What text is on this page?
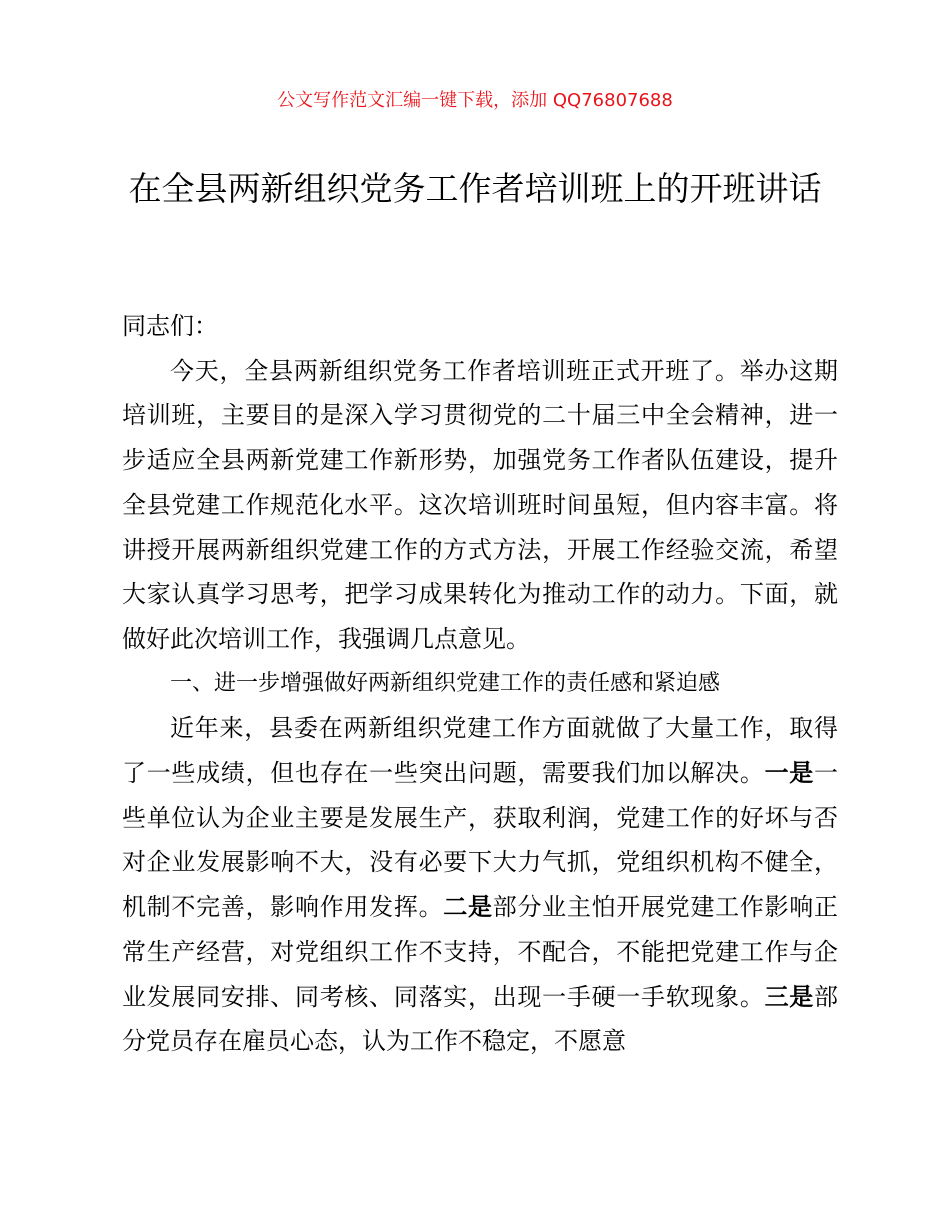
公文写作范文汇编一键下载，添加 QQ76807688
在全县两新组织党务工作者培训班上的开班讲话

同志们：

今天，全县两新组织党务工作者培训班正式开班了。举办这期培训班，主要目的是深入学习贯彻党的二十届三中全会精神，进一步适应全县两新党建工作新形势，加强党务工作者队伍建设，提升全县党建工作规范化水平。这次培训班时间虽短，但内容丰富。将讲授开展两新组织党建工作的方式方法，开展工作经验交流，希望大家认真学习思考，把学习成果转化为推动工作的动力。下面，就做好此次培训工作，我强调几点意见。

一、进一步增强做好两新组织党建工作的责任感和紧迫感

近年来，县委在两新组织党建工作方面就做了大量工作，取得了一些成绩，但也存在一些突出问题，需要我们加以解决。一是一些单位认为企业主要是发展生产，获取利润，党建工作的好坏与否对企业发展影响不大，没有必要下大力气抓，党组织机构不健全，机制不完善，影响作用发挥。二是部分业主怕开展党建工作影响正常生产经营，对党组织工作不支持，不配合，不能把党建工作与企业发展同安排、同考核、同落实，出现一手硬一手软现象。三是部分党员存在雇员心态，认为工作不稳定，不愿意
